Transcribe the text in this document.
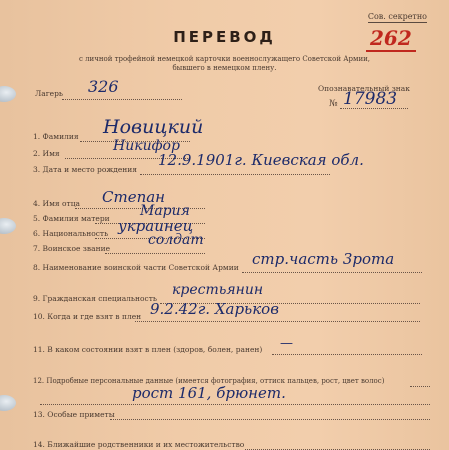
Сов. секретно
262
ПЕРЕВОД
с личной трофейной немецкой карточки военнослужащего Советской Армии,
бывшего в немецком плену.
Лагерь 326	Опознавательный знак
№ 17983
1. Фамилия Новицкий
2. Имя	Никифор
3. Дата и место рождения
12.9.1901г. Киевская обл.
4. Имя отца Степан
5. Фамилия матери Мария
6. Национальность украинец
7. Воинское звание
солдат
8. Наименование воинской части Советской Армии стр.часть 3рота
9. Гражданская специальность
крестьянин
10. Когда и где взят в плен 9.2.42г. Харьков
11. В каком состоянии взят в плен (здоров, болен, ранен) —
12. Подробные персональные данные (имеется фотография, оттиск пальцев, рост, цвет волос)
рост 161, брюнет.
13. Особые приметы
14. Ближайшие родственники и их местожительство
